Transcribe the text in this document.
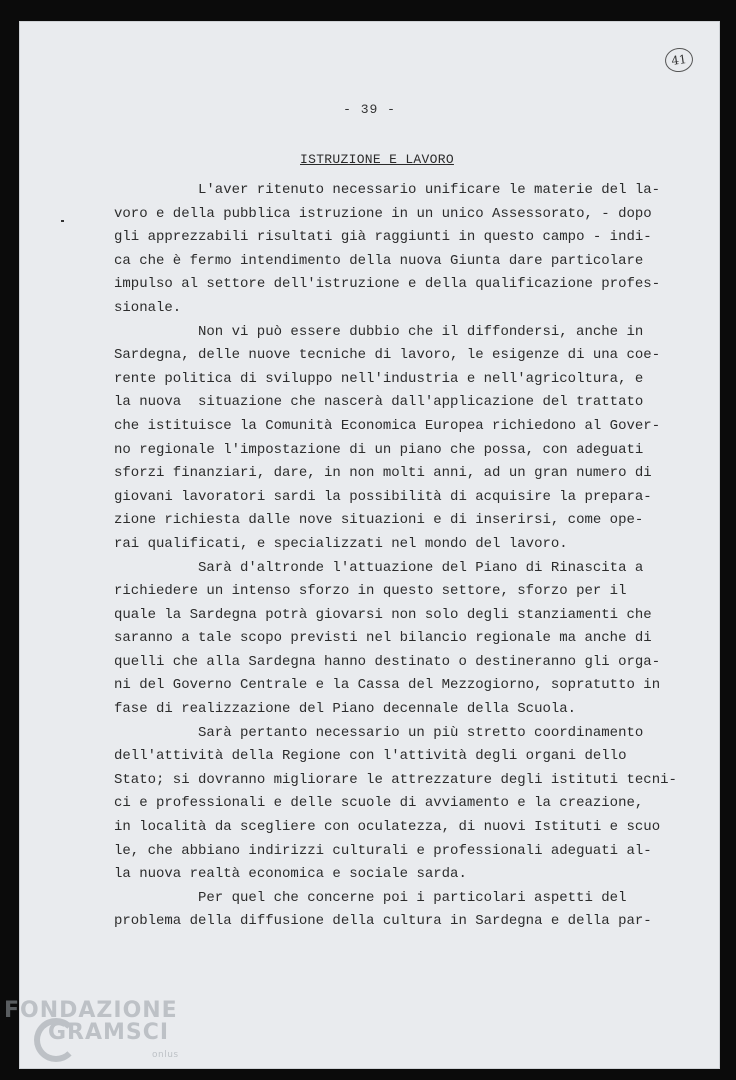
41
- 39 -
ISTRUZIONE E LAVORO
L'aver ritenuto necessario unificare le materie del la-
voro e della pubblica istruzione in un unico Assessorato, - dopo
gli apprezzabili risultati già raggiunti in questo campo - indi-
ca che è fermo intendimento della nuova Giunta dare particolare
impulso al settore dell'istruzione e della qualificazione profes-
sionale.
Non vi può essere dubbio che il diffondersi, anche in
Sardegna, delle nuove tecniche di lavoro, le esigenze di una coe-
rente politica di sviluppo nell'industria e nell'agricoltura, e
la nuova  situazione che nascerà dall'applicazione del trattato
che istituisce la Comunità Economica Europea richiedono al Gover-
no regionale l'impostazione di un piano che possa, con adeguati
sforzi finanziari, dare, in non molti anni, ad un gran numero di
giovani lavoratori sardi la possibilità di acquisire la prepara-
zione richiesta dalle nove situazioni e di inserirsi, come ope-
rai qualificati, e specializzati nel mondo del lavoro.
Sarà d'altronde l'attuazione del Piano di Rinascita a
richiedere un intenso sforzo in questo settore, sforzo per il
quale la Sardegna potrà giovarsi non solo degli stanziamenti che
saranno a tale scopo previsti nel bilancio regionale ma anche di
quelli che alla Sardegna hanno destinato o destineranno gli orga-
ni del Governo Centrale e la Cassa del Mezzogiorno, sopratutto in
fase di realizzazione del Piano decennale della Scuola.
Sarà pertanto necessario un più stretto coordinamento
dell'attività della Regione con l'attività degli organi dello
Stato; si dovranno migliorare le attrezzature degli istituti tecni-
ci e professionali e delle scuole di avviamento e la creazione,
in località da scegliere con oculatezza, di nuovi Istituti e scuo
le, che abbiano indirizzi culturali e professionali adeguati al-
la nuova realtà economica e sociale sarda.
Per quel che concerne poi i particolari aspetti del
problema della diffusione della cultura in Sardegna e della par-
FONDAZIONE
GRAMSCI
onlus
